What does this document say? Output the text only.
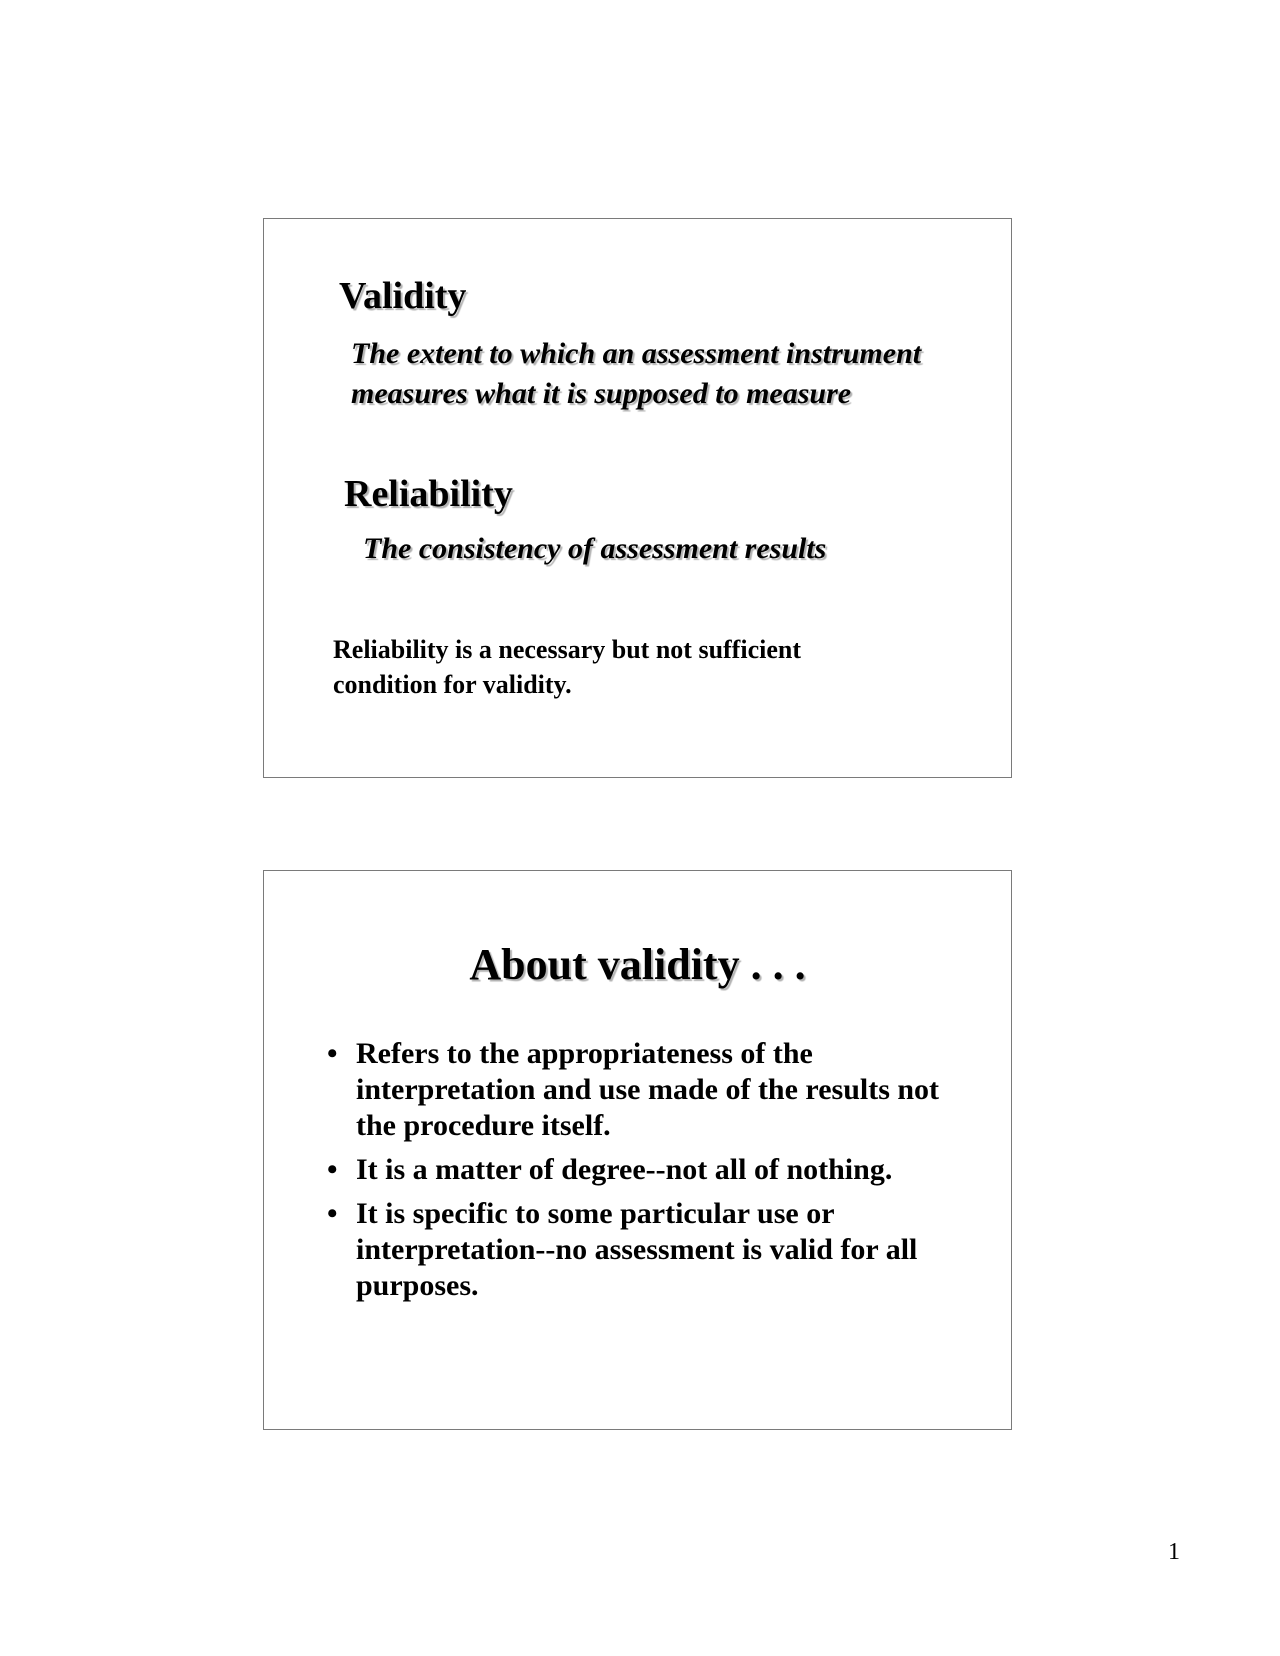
Validity

The extent to which an assessment instrument measures what it is supposed to measure

Reliability

The consistency of assessment results

Reliability is a necessary but not sufficient condition for validity.

About validity . . .
• Refers to the appropriateness of the interpretation and use made of the results not the procedure itself.
• It is a matter of degree--not all of nothing.
• It is specific to some particular use or interpretation--no assessment is valid for all purposes.

1
